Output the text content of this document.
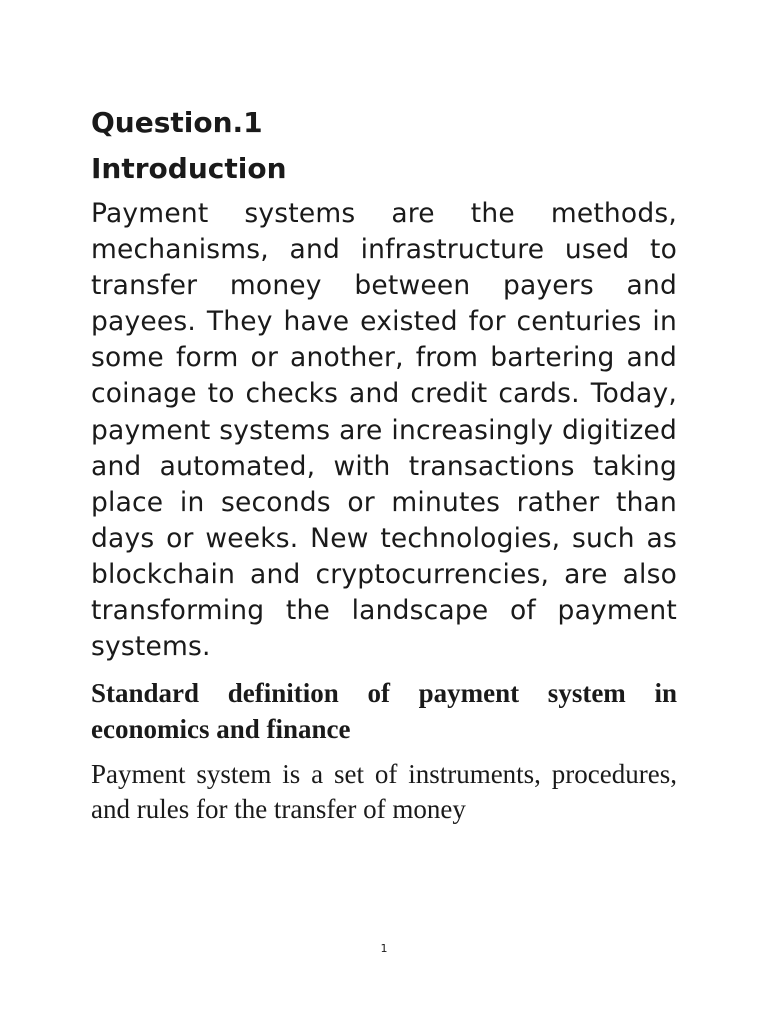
Question.1
Introduction

Payment systems are the methods, mechanisms, and infrastructure used to transfer money between payers and payees. They have existed for centuries in some form or another, from bartering and coinage to checks and credit cards. Today, payment systems are increasingly digitized and automated, with transactions taking place in seconds or minutes rather than days or weeks. New technologies, such as blockchain and cryptocurrencies, are also transforming the landscape of payment systems.

Standard definition of payment system in economics and finance

Payment system is a set of instruments, procedures, and rules for the transfer of money

1
